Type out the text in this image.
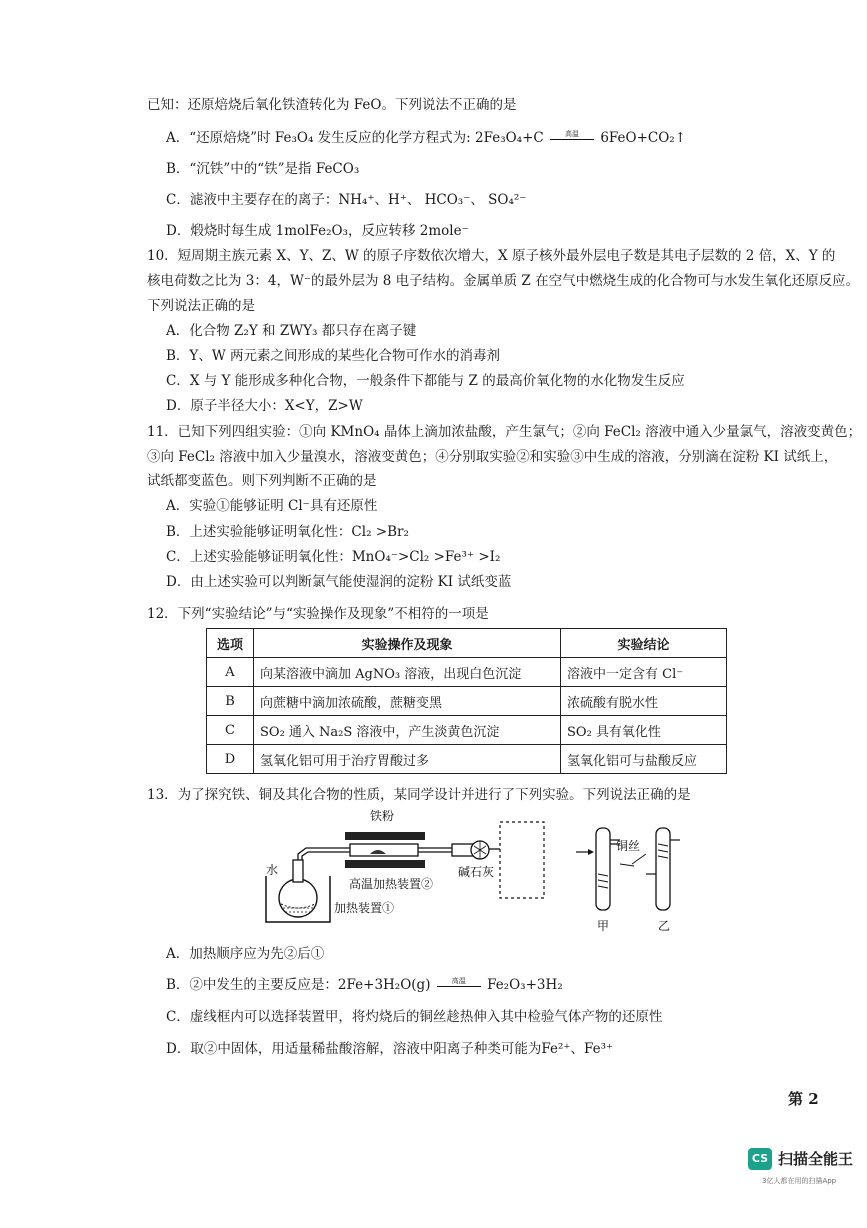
已知：还原焙烧后氧化铁渣转化为 FeO。下列说法不正确的是
A．“还原焙烧”时 Fe₃O₄ 发生反应的化学方程式为: 2Fe₃O₄+C	高温	6FeO+CO₂↑
B．“沉铁”中的“铁”是指 FeCO₃
C．滤液中主要存在的离子：NH₄⁺、H⁺、 HCO₃⁻、 SO₄²⁻
D．煅烧时每生成 1molFe₂O₃，反应转移 2mole⁻
10．短周期主族元素 X、Y、Z、W 的原子序数依次增大，X 原子核外最外层电子数是其电子层数的 2 倍，X、Y 的
核电荷数之比为 3：4，W⁻的最外层为 8 电子结构。金属单质 Z 在空气中燃烧生成的化合物可与水发生氧化还原反应。
下列说法正确的是
A．化合物 Z₂Y 和 ZWY₃ 都只存在离子键
B．Y、W 两元素之间形成的某些化合物可作水的消毒剂
C．X 与 Y 能形成多种化合物，一般条件下都能与 Z 的最高价氧化物的水化物发生反应
D．原子半径大小：X<Y，Z>W
11．已知下列四组实验：①向 KMnO₄ 晶体上滴加浓盐酸，产生氯气；②向 FeCl₂ 溶液中通入少量氯气，溶液变黄色；
③向 FeCl₂ 溶液中加入少量溴水，溶液变黄色；④分别取实验②和实验③中生成的溶液，分别滴在淀粉 KI 试纸上，
试纸都变蓝色。则下列判断不正确的是
A．实验①能够证明 Cl⁻具有还原性
B．上述实验能够证明氧化性：Cl₂ >Br₂
C．上述实验能够证明氧化性：MnO₄⁻>Cl₂ >Fe³⁺ >I₂
D．由上述实验可以判断氯气能使湿润的淀粉 KI 试纸变蓝
12．下列“实验结论”与“实验操作及现象”不相符的一项是
选项	实验操作及现象	实验结论
A	向某溶液中滴加 AgNO₃ 溶液，出现白色沉淀	溶液中一定含有 Cl⁻
B	向蔗糖中滴加浓硫酸，蔗糖变黑	浓硫酸有脱水性
C	SO₂ 通入 Na₂S 溶液中，产生淡黄色沉淀	SO₂ 具有氧化性
D	氢氧化铝可用于治疗胃酸过多	氢氧化铝可与盐酸反应
13．为了探究铁、铜及其化合物的性质，某同学设计并进行了下列实验。下列说法正确的是
铁粉
水
高温加热装置②
加热装置①
碱石灰
铜丝
甲	乙
A．加热顺序应为先②后①
B．②中发生的主要反应是：2Fe+3H₂O(g)	高温	Fe₂O₃+3H₂
C．虚线框内可以选择装置甲，将灼烧后的铜丝趁热伸入其中检验气体产物的还原性
D．取②中固体，用适量稀盐酸溶解，溶液中阳离子种类可能为Fe²⁺、Fe³⁺
第 2
CS 扫描全能王
3亿人都在用的扫描App
